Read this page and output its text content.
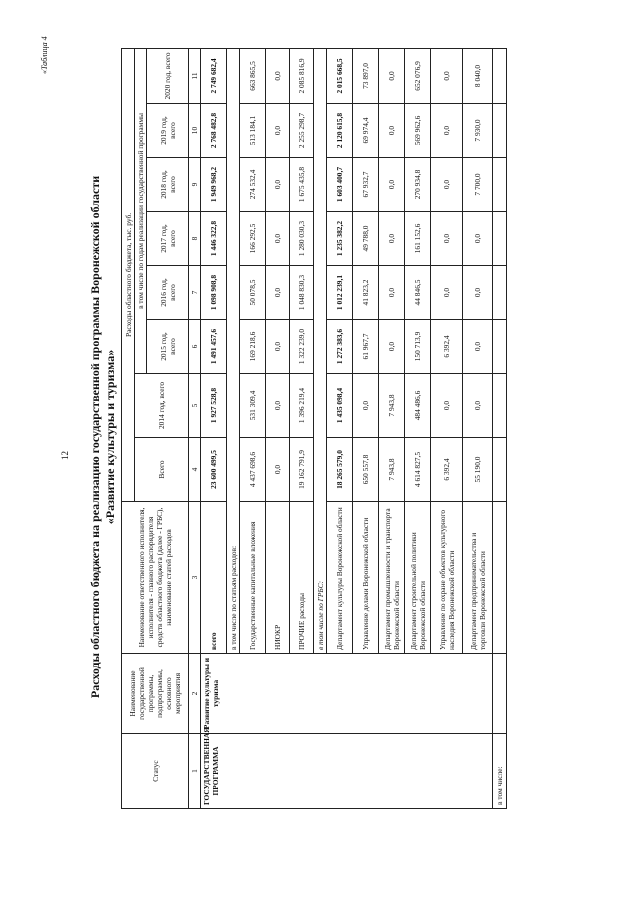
«Таблица 4
12 Расходы областного бюджета на реализацию государственной программы Воронежской области «Развитие культуры и туризма»
Статус	Наименование государственной программы, подпрограммы, основного мероприятия	Наименование ответственного исполнителя, исполнителя - главного распорядителя средств областного бюджета (далее - ГРБС), наименование статей расходов	Расходы областного бюджета, тыс. руб.							
			Всего	2014 год, всего	в том числе по годам реализации государственной программы					
					2015 год, всего	2016 год, всего	2017 год, всего	2018 год, всего	2019 год, всего	2020 год, всего
1	2	3	4	5	6	7	8	9	10	11
ГОСУДАРСТВЕННАЯ ПРОГРАММА	Развитие культуры и туризма	всего	23 600 499,5	1 927 528,8	1 491 457,6	1 098 908,8	1 446 322,8	1 949 968,2	2 768 482,8	2 749 682,4
		в том числе по статьям расходов:								
		Государственные капитальные вложения	4 437 698,6	531 309,4	169 218,6	50 078,5	166 292,5	274 532,4	513 184,1	663 865,5
		НИОКР	0,0	0,0	0,0	0,0	0,0	0,0	0,0	0,0
		ПРОЧИЕ расходы	19 162 791,9	1 396 219,4	1 322 239,0	1 048 830,3	1 280 030,3	1 675 435,8	2 255 298,7	2 085 816,9
		в том числе по ГРБС:								
		Департамент культуры Воронежской области	18 265 579,0	1 435 098,4	1 272 383,6	1 012 239,1	1 235 382,2	1 603 400,7	2 120 615,8	2 015 668,5
		Управление делами Воронежской области	650 557,8	0,0	61 967,7	41 823,2	49 788,0	67 932,7	69 974,4	73 897,0
		Департамент промышленности и транспорта Воронежской области	7 943,8	7 943,8	0,0	0,0	0,0	0,0	0,0	0,0
		Департамент строительной политики Воронежской области	4 614 827,5	484 486,6	150 713,9	44 846,5	161 152,6	270 934,8	569 962,6	652 076,9
		Управление по охране объектов культурного наследия Воронежской области	6 392,4	0,0	6 392,4	0,0	0,0	0,0	0,0	0,0
		Департамент предпринимательства и торговли Воронежской области	55 190,0	0,0	0,0	0,0	0,0	7 700,0	7 930,0	8 040,0
в том числе:										
